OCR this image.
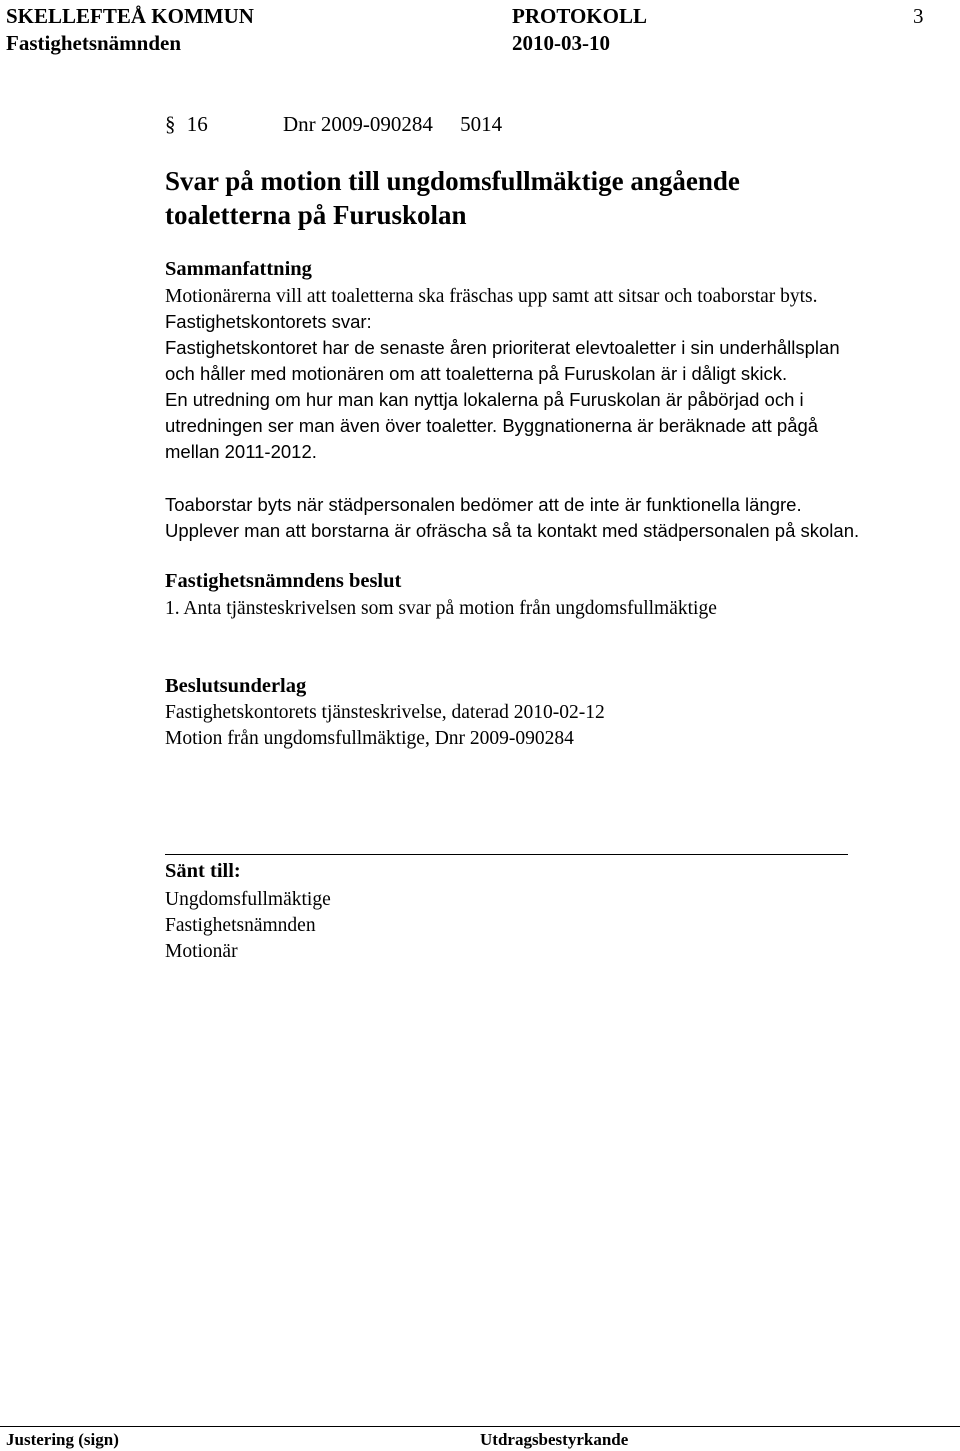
SKELLEFTEÅ KOMMUN	PROTOKOLL	3
Fastighetsnämnden	2010-03-10
§ 16	Dnr 2009-090284 5014
Svar på motion till ungdomsfullmäktige angående
toaletterna på Furuskolan
Sammanfattning
Motionärerna vill att toaletterna ska fräschas upp samt att sitsar och toaborstar byts.
Fastighetskontorets svar:
Fastighetskontoret har de senaste åren prioriterat elevtoaletter i sin underhållsplan
och håller med motionären om att toaletterna på Furuskolan är i dåligt skick.
En utredning om hur man kan nyttja lokalerna på Furuskolan är påbörjad och i
utredningen ser man även över toaletter. Byggnationerna är beräknade att pågå
mellan 2011-2012.
Toaborstar byts när städpersonalen bedömer att de inte är funktionella längre.
Upplever man att borstarna är ofräscha så ta kontakt med städpersonalen på skolan.
Fastighetsnämndens beslut
1. Anta tjänsteskrivelsen som svar på motion från ungdomsfullmäktige
Beslutsunderlag
Fastighetskontorets tjänsteskrivelse, daterad 2010-02-12
Motion från ungdomsfullmäktige, Dnr 2009-090284
Sänt till:
Ungdomsfullmäktige
Fastighetsnämnden
Motionär
Justering (sign)	Utdragsbestyrkande
